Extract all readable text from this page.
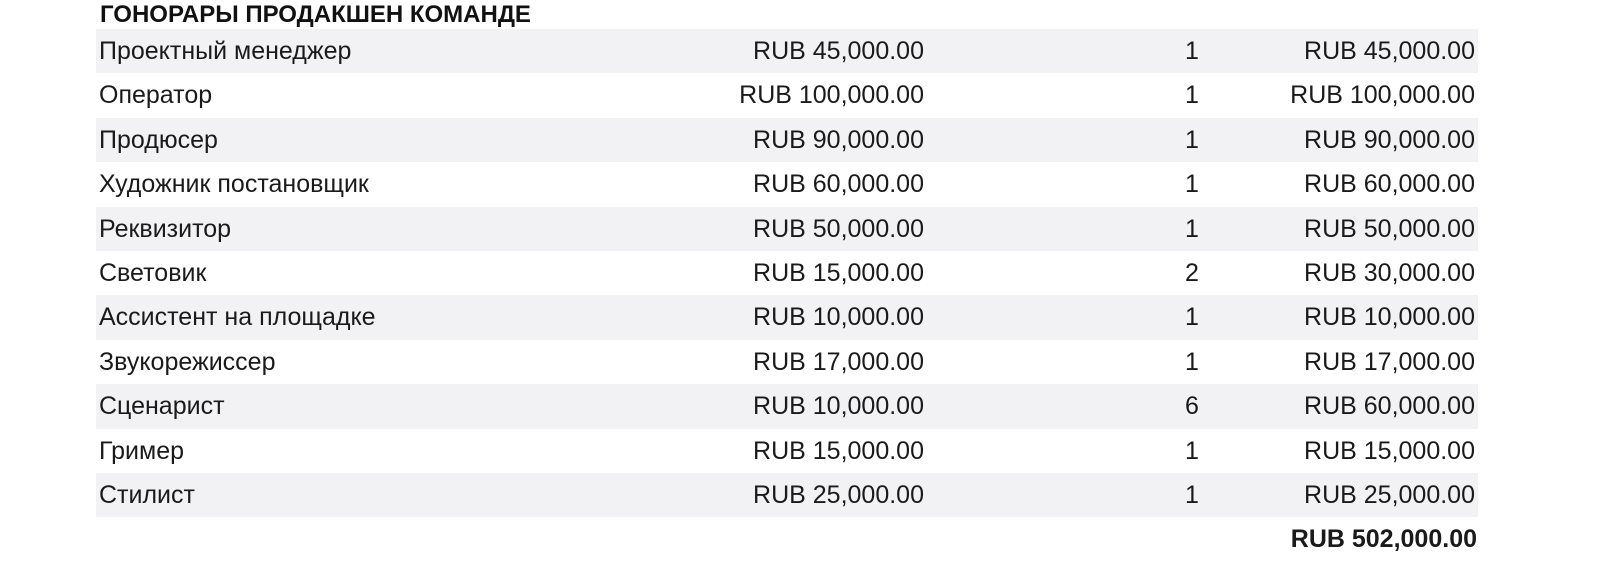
ГОНОРАРЫ ПРОДАКШЕН КОМАНДЕ
Проектный менеджер	RUB 45,000.00	1	RUB 45,000.00
Оператор	RUB 100,000.00	1	RUB 100,000.00
Продюсер	RUB 90,000.00	1	RUB 90,000.00
Художник постановщик	RUB 60,000.00	1	RUB 60,000.00
Реквизитор	RUB 50,000.00	1	RUB 50,000.00
Световик	RUB 15,000.00	2	RUB 30,000.00
Ассистент на площадке	RUB 10,000.00	1	RUB 10,000.00
Звукорежиссер	RUB 17,000.00	1	RUB 17,000.00
Сценарист	RUB 10,000.00	6	RUB 60,000.00
Гример	RUB 15,000.00	1	RUB 15,000.00
Стилист	RUB 25,000.00	1	RUB 25,000.00
RUB 502,000.00
